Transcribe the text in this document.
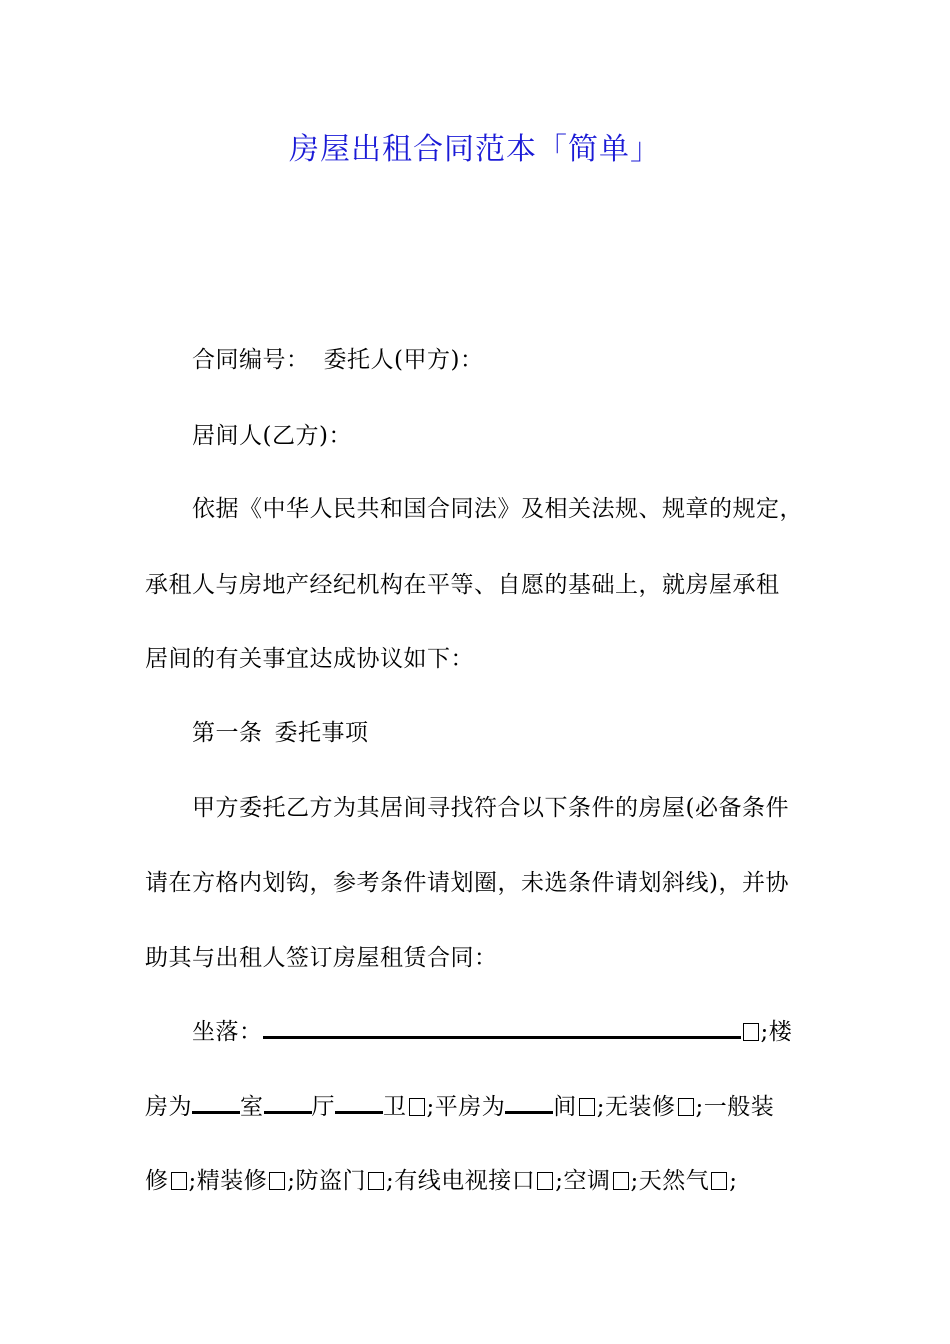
房屋出租合同范本「简单」
合同编号： 委托人(甲方)：
居间人(乙方)：
依据《中华人民共和国合同法》及相关法规、规章的规定，
承租人与房地产经纪机构在平等、自愿的基础上，就房屋承租
居间的有关事宜达成协议如下：
第一条 委托事项
甲方委托乙方为其居间寻找符合以下条件的房屋(必备条件
请在方格内划钩，参考条件请划圈，未选条件请划斜线)，并协
助其与出租人签订房屋租赁合同：
坐落：	;楼
房为 室 厅 卫 ;平房为 间 ;无装修 ;一般装
修 ;精装修 ;防盗门 ;有线电视接口 ;空调 ;天然气 ;
